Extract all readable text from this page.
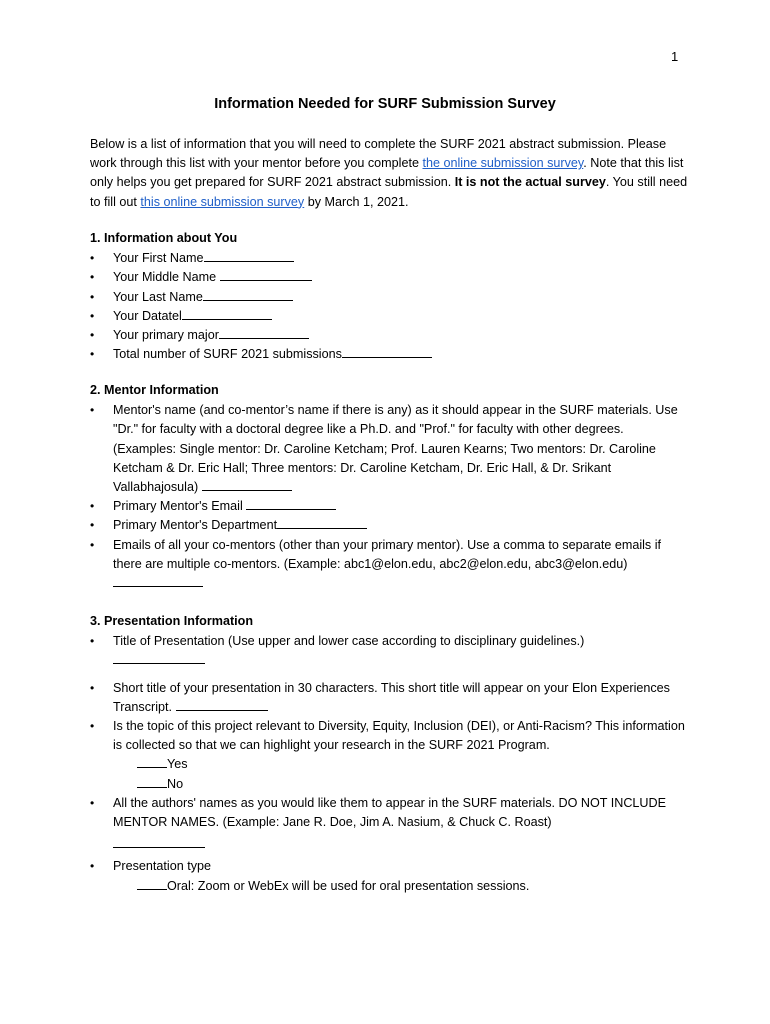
1
Information Needed for SURF Submission Survey
Below is a list of information that you will need to complete the SURF 2021 abstract submission. Please work through this list with your mentor before you complete the online submission survey. Note that this list only helps you get prepared for SURF 2021 abstract submission. It is not the actual survey. You still need to fill out this online submission survey by March 1, 2021.
1. Information about You
• Your First Name
• Your Middle Name
• Your Last Name
• Your Datatel
• Your primary major
• Total number of SURF 2021 submissions
2. Mentor Information
• Mentor's name (and co-mentor’s name if there is any) as it should appear in the SURF materials. Use "Dr." for faculty with a doctoral degree like a Ph.D. and "Prof." for faculty with other degrees. (Examples: Single mentor: Dr. Caroline Ketcham; Prof. Lauren Kearns; Two mentors: Dr. Caroline Ketcham & Dr. Eric Hall; Three mentors: Dr. Caroline Ketcham, Dr. Eric Hall, & Dr. Srikant Vallabhajosula)
• Primary Mentor's Email
• Primary Mentor's Department
• Emails of all your co-mentors (other than your primary mentor). Use a comma to separate emails if there are multiple co-mentors. (Example: abc1@elon.edu, abc2@elon.edu, abc3@elon.edu)
3. Presentation Information
• Title of Presentation (Use upper and lower case according to disciplinary guidelines.)

• Short title of your presentation in 30 characters. This short title will appear on your Elon Experiences Transcript.
• Is the topic of this project relevant to Diversity, Equity, Inclusion (DEI), or Anti-Racism? This information is collected so that we can highlight your research in the SURF 2021 Program.
Yes
No
• All the authors' names as you would like them to appear in the SURF materials. DO NOT INCLUDE MENTOR NAMES. (Example: Jane R. Doe, Jim A. Nasium, & Chuck C. Roast)

• Presentation type
Oral: Zoom or WebEx will be used for oral presentation sessions.
